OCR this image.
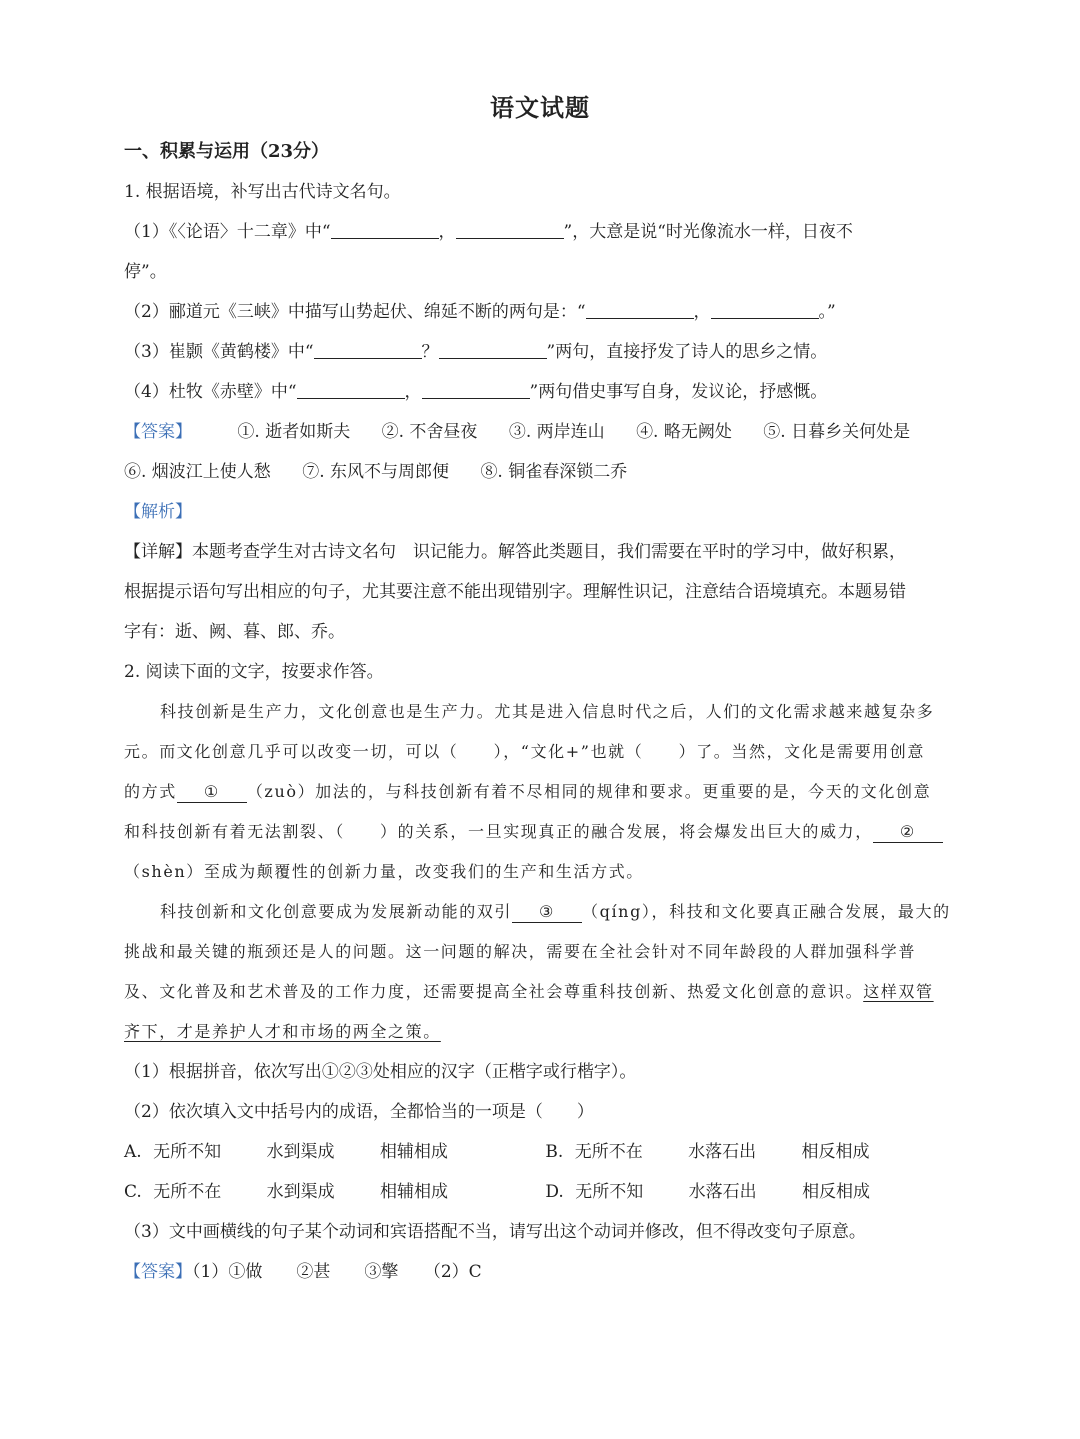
语文试题
一、积累与运用（23分）
1. 根据语境，补写出古代诗文名句。
（1）《〈论语〉十二章》中“	，	”，大意是说“时光像流水一样，日夜不
停”。
（2）郦道元《三峡》中描写山势起伏、绵延不断的两句是：“	，	。”
（3）崔颢《黄鹤楼》中“	？	”两句，直接抒发了诗人的思乡之情。
（4）杜牧《赤壁》中“	，	”两句借史事写自身，发议论，抒感慨。
【答案】	①. 逝者如斯夫 ②. 不舍昼夜 ③. 两岸连山 ④. 略无阙处 ⑤. 日暮乡关何处是
⑥. 烟波江上使人愁 ⑦. 东风不与周郎便 ⑧. 铜雀春深锁二乔
【解析】
【详解】本题考查学生对古诗文名句　识记能力。解答此类题目，我们需要在平时的学习中，做好积累，
根据提示语句写出相应的句子，尤其要注意不能出现错别字。理解性识记，注意结合语境填充。本题易错
字有：逝、阙、暮、郎、乔。
2. 阅读下面的文字，按要求作答。
科技创新是生产力，文化创意也是生产力。尤其是进入信息时代之后，人们的文化需求越来越复杂多
元。而文化创意几乎可以改变一切，可以（　　），“文化+”也就（　　）了。当然，文化是需要用创意
的方式 ① （zuò）加法的，与科技创新有着不尽相同的规律和要求。更重要的是，今天的文化创意
和科技创新有着无法割裂、（　　）的关系，一旦实现真正的融合发展，将会爆发出巨大的威力， ②
（shèn）至成为颠覆性的创新力量，改变我们的生产和生活方式。
科技创新和文化创意要成为发展新动能的双引 ③ （qíng），科技和文化要真正融合发展，最大的
挑战和最关键的瓶颈还是人的问题。这一问题的解决，需要在全社会针对不同年龄段的人群加强科学普
及、文化普及和艺术普及的工作力度，还需要提高全社会尊重科技创新、热爱文化创意的意识。这样双管
齐下，才是养护人才和市场的两全之策。
（1）根据拼音，依次写出①②③处相应的汉字（正楷字或行楷字）。
（2）依次填入文中括号内的成语，全都恰当的一项是（　　）
A. 无所不知	水到渠成	相辅相成	B. 无所不在	水落石出	相反相成
C. 无所不在	水到渠成	相辅相成	D. 无所不知	水落石出	相反相成
（3）文中画横线的句子某个动词和宾语搭配不当，请写出这个动词并修改，但不得改变句子原意。
【答案】（1）①做　　②甚　　③擎　　（2）C
